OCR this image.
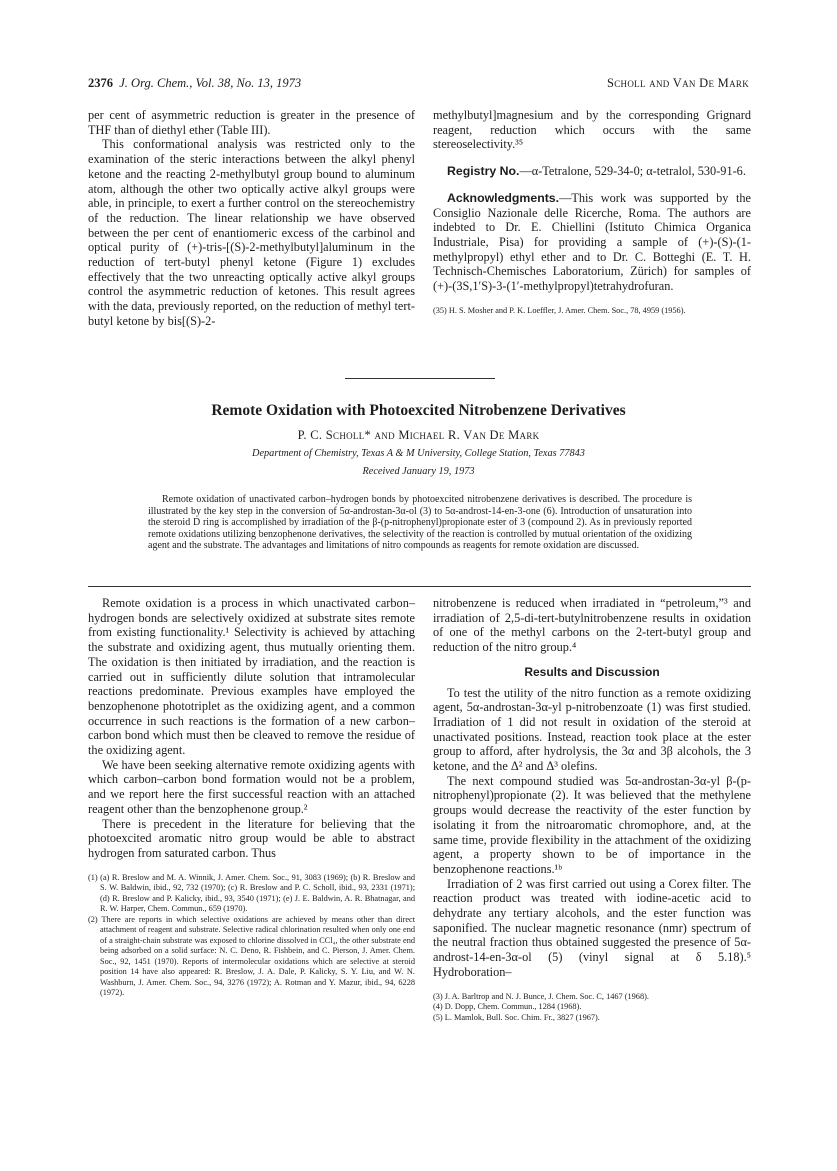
2376 J. Org. Chem., Vol. 38, No. 13, 1973	Scholl and Van De Mark

per cent of asymmetric reduction is greater in the presence of THF than of diethyl ether (Table III).

This conformational analysis was restricted only to the examination of the steric interactions between the alkyl phenyl ketone and the reacting 2-methylbutyl group bound to aluminum atom, although the other two optically active alkyl groups were able, in principle, to exert a further control on the stereochemistry of the reduction. The linear relationship we have observed between the per cent of enantiomeric excess of the carbinol and optical purity of (+)-tris-[(S)-2-methylbutyl]aluminum in the reduction of tert-butyl phenyl ketone (Figure 1) excludes effectively that the two unreacting optically active alkyl groups control the asymmetric reduction of ketones. This result agrees with the data, previously reported, on the reduction of methyl tert-butyl ketone by bis[(S)-2-

methylbutyl]magnesium and by the corresponding Grignard reagent, reduction which occurs with the same stereoselectivity.³⁵

Registry No.—α-Tetralone, 529-34-0; α-tetralol, 530-91-6.

Acknowledgments.—This work was supported by the Consiglio Nazionale delle Ricerche, Roma. The authors are indebted to Dr. E. Chiellini (Istituto Chimica Organica Industriale, Pisa) for providing a sample of (+)-(S)-(1-methylpropyl) ethyl ether and to Dr. C. Botteghi (E. T. H. Technisch-Chemisches Laboratorium, Zürich) for samples of (+)-(3S,1′S)-3-(1′-methylpropyl)tetrahydrofuran.

(35) H. S. Mosher and P. K. Loeffler, J. Amer. Chem. Soc., 78, 4959 (1956).

Remote Oxidation with Photoexcited Nitrobenzene Derivatives
P. C. Scholl* and Michael R. Van De Mark
Department of Chemistry, Texas A & M University, College Station, Texas 77843
Received January 19, 1973

Remote oxidation of unactivated carbon–hydrogen bonds by photoexcited nitrobenzene derivatives is described. The procedure is illustrated by the key step in the conversion of 5α-androstan-3α-ol (3) to 5α-androst-14-en-3-one (6). Introduction of unsaturation into the steroid D ring is accomplished by irradiation of the β-(p-nitrophenyl)propionate ester of 3 (compound 2). As in previously reported remote oxidations utilizing benzophenone derivatives, the selectivity of the reaction is controlled by mutual orientation of the oxidizing agent and the substrate. The advantages and limitations of nitro compounds as reagents for remote oxidation are discussed.

Remote oxidation is a process in which unactivated carbon–hydrogen bonds are selectively oxidized at substrate sites remote from existing functionality.¹ Selectivity is achieved by attaching the substrate and oxidizing agent, thus mutually orienting them. The oxidation is then initiated by irradiation, and the reaction is carried out in sufficiently dilute solution that intramolecular reactions predominate. Previous examples have employed the benzophenone phototriplet as the oxidizing agent, and a common occurrence in such reactions is the formation of a new carbon–carbon bond which must then be cleaved to remove the residue of the oxidizing agent.

We have been seeking alternative remote oxidizing agents with which carbon–carbon bond formation would not be a problem, and we report here the first successful reaction with an attached reagent other than the benzophenone group.²

There is precedent in the literature for believing that the photoexcited aromatic nitro group would be able to abstract hydrogen from saturated carbon. Thus

(1) (a) R. Breslow and M. A. Winnik, J. Amer. Chem. Soc., 91, 3083 (1969); (b) R. Breslow and S. W. Baldwin, ibid., 92, 732 (1970); (c) R. Breslow and P. C. Scholl, ibid., 93, 2331 (1971); (d) R. Breslow and P. Kalicky, ibid., 93, 3540 (1971); (e) J. E. Baldwin, A. R. Bhatnagar, and R. W. Harper, Chem. Commun., 659 (1970).

(2) There are reports in which selective oxidations are achieved by means other than direct attachment of reagent and substrate. Selective radical chlorination resulted when only one end of a straight-chain substrate was exposed to chlorine dissolved in CCl₄, the other substrate end being adsorbed on a solid surface: N. C. Deno, R. Fishbein, and C. Pierson, J. Amer. Chem. Soc., 92, 1451 (1970). Reports of intermolecular oxidations which are selective at steroid position 14 have also appeared: R. Breslow, J. A. Dale, P. Kalicky, S. Y. Liu, and W. N. Washburn, J. Amer. Chem. Soc., 94, 3276 (1972); A. Rotman and Y. Mazur, ibid., 94, 6228 (1972).

nitrobenzene is reduced when irradiated in “petroleum,”³ and irradiation of 2,5-di-tert-butylnitrobenzene results in oxidation of one of the methyl carbons on the 2-tert-butyl group and reduction of the nitro group.⁴

Results and Discussion

To test the utility of the nitro function as a remote oxidizing agent, 5α-androstan-3α-yl p-nitrobenzoate (1) was first studied. Irradiation of 1 did not result in oxidation of the steroid at unactivated positions. Instead, reaction took place at the ester group to afford, after hydrolysis, the 3α and 3β alcohols, the 3 ketone, and the Δ² and Δ³ olefins.

The next compound studied was 5α-androstan-3α-yl β-(p-nitrophenyl)propionate (2). It was believed that the methylene groups would decrease the reactivity of the ester function by isolating it from the nitroaromatic chromophore, and, at the same time, provide flexibility in the attachment of the oxidizing agent, a property shown to be of importance in the benzophenone reactions.¹ᵇ

Irradiation of 2 was first carried out using a Corex filter. The reaction product was treated with iodine-acetic acid to dehydrate any tertiary alcohols, and the ester function was saponified. The nuclear magnetic resonance (nmr) spectrum of the neutral fraction thus obtained suggested the presence of 5α-androst-14-en-3α-ol (5) (vinyl signal at δ 5.18).⁵ Hydroboration–

(3) J. A. Barltrop and N. J. Bunce, J. Chem. Soc. C, 1467 (1968).

(4) D. Dopp, Chem. Commun., 1284 (1968).

(5) L. Mamlok, Bull. Soc. Chim. Fr., 3827 (1967).
